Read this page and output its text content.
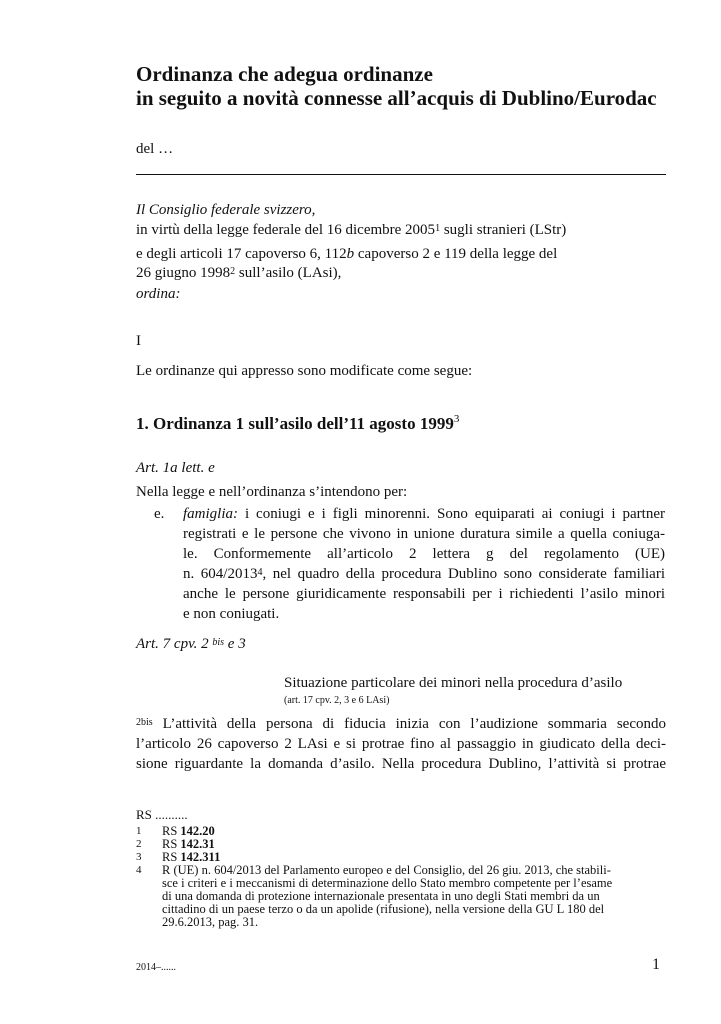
Ordinanza che adegua ordinanze
in seguito a novità connesse all’acquis di Dublino/Eurodac
del …
Il Consiglio federale svizzero,
in virtù della legge federale del 16 dicembre 2005$^1$ sugli stranieri (LStr)
e degli articoli 17 capoverso 6, 112b capoverso 2 e 119 della legge del
26 giugno 1998$^2$ sull’asilo (LAsi),
ordina:
I
Le ordinanze qui appresso sono modificate come segue:
1. Ordinanza 1 sull’asilo dell’11 agosto 1999$^3$
Art. 1a lett. e
Nella legge e nell’ordinanza s’intendono per:
e. famiglia: i coniugi e i figli minorenni. Sono equiparati ai coniugi i partner
registrati e le persone che vivono in unione duratura simile a quella coniuga-
le. Conformemente all’articolo 2 lettera g del regolamento (UE)
n. 604/2013$^4$, nel quadro della procedura Dublino sono considerate familiari
anche le persone giuridicamente responsabili per i richiedenti l’asilo minori
e non coniugati.
Art. 7 cpv. 2 $^{bis}$ e 3
Situazione particolare dei minori nella procedura d’asilo
(art. 17 cpv. 2, 3 e 6 LAsi)
$^{2bis}$ L’attività della persona di fiducia inizia con l’audizione sommaria secondo
l’articolo 26 capoverso 2 LAsi e si protrae fino al passaggio in giudicato della deci-
sione riguardante la domanda d’asilo. Nella procedura Dublino, l’attività si protrae
RS ..........
1	RS 142.20
2	RS 142.31
3	RS 142.311
4	R (UE) n. 604/2013 del Parlamento europeo e del Consiglio, del 26 giu. 2013, che stabili-
sce i criteri e i meccanismi di determinazione dello Stato membro competente per l’esame
di una domanda di protezione internazionale presentata in uno degli Stati membri da un
cittadino di un paese terzo o da un apolide (rifusione), nella versione della GU L 180 del
29.6.2013, pag. 31.
2014–......	1
